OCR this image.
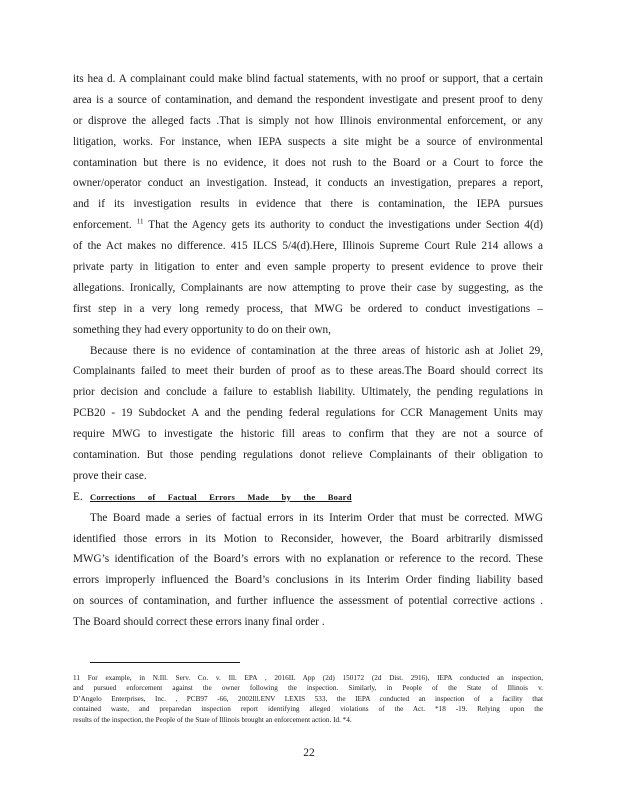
its hea d. A complainant could make blind factual statements, with no proof or support, that a certain
area is a source of contamination, and demand the respondent investigate and present proof to deny
or disprove the alleged facts .That is simply not how Illinois environmental enforcement, or any
litigation, works. For instance, when IEPA suspects a site might be a source of environmental
contamination but there is no evidence, it does not rush to the Board or a Court to force the
owner/operator conduct an investigation. Instead, it conducts an investigation, prepares a report,
and if its investigation results in evidence that there is contamination, the IEPA pursues
enforcement. $^{11}$ That the Agency gets its authority to conduct the investigations under Section 4(d)
of the Act makes no difference. 415 ILCS 5/4(d).Here, Illinois Supreme Court Rule 214 allows a
private party in litigation to enter and even sample property to present evidence to prove their
allegations. Ironically, Complainants are now attempting to prove their case by suggesting, as the
first step in a very long remedy process, that MWG be ordered to conduct investigations –
something they had every opportunity to do on their own,
Because there is no evidence of contamination at the three areas of historic ash at Joliet 29,
Complainants failed to meet their burden of proof as to these areas.The Board should correct its
prior decision and conclude a failure to establish liability. Ultimately, the pending regulations in
PCB20 - 19 Subdocket A and the pending federal regulations for CCR Management Units may
require MWG to investigate the historic fill areas to confirm that they are not a source of
contamination. But those pending regulations donot relieve Complainants of their obligation to
prove their case.
E. Corrections of Factual Errors Made by the Board
The Board made a series of factual errors in its Interim Order that must be corrected. MWG
identified those errors in its Motion to Reconsider, however, the Board arbitrarily dismissed
MWG’s identification of the Board’s errors with no explanation or reference to the record. These
errors improperly influenced the Board’s conclusions in its Interim Order finding liability based
on sources of contamination, and further influence the assessment of potential corrective actions .
The Board should correct these errors inany final order .
11 For example, in N.Ill. Serv. Co. v. Ill. EPA , 2016IL App (2d) 150172 (2d Dist. 2916), IEPA conducted an inspection,
and pursued enforcement against the owner following the inspection. Similarly, in People of the State of Illinois v.
D’Angelo Enterprises, Inc. , PCB97 -66, 2002Ill.ENV LEXIS 533, the IEPA conducted an inspection of a facility that
contained waste, and preparedan inspection report identifying alleged violations of the Act. *18 -19. Relying upon the
results of the inspection, the People of the State of Illinois brought an enforcement action. Id. *4.
22
